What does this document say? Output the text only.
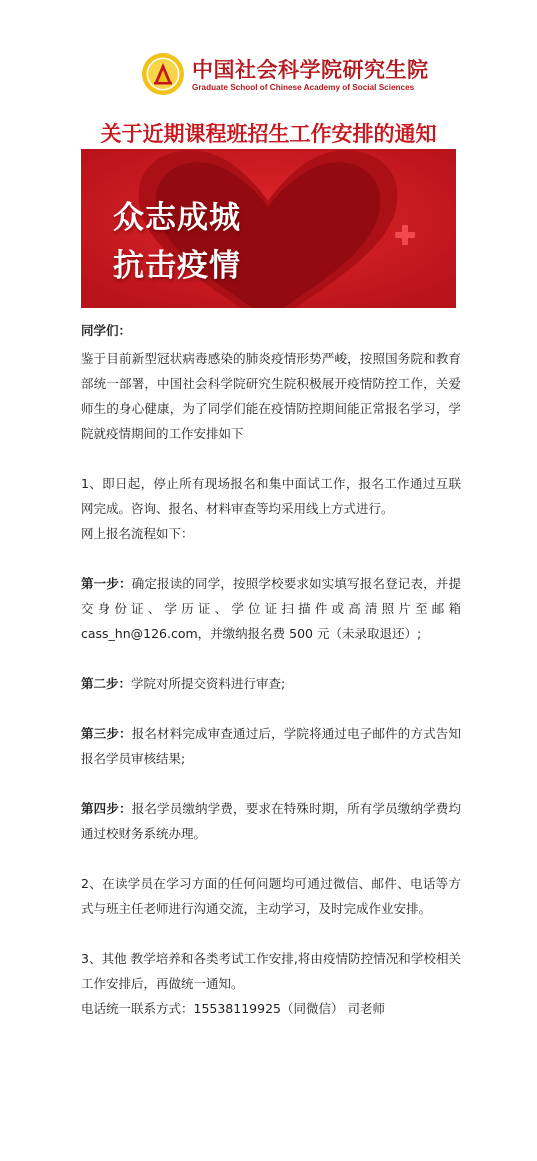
中国社会科学院研究生院
Graduate School of Chinese Academy of Social Sciences
关于近期课程班招生工作安排的通知
众志成城
抗击疫情

同学们：

鉴于目前新型冠状病毒感染的肺炎疫情形势严峻，按照国务院和教育部统一部署，中国社会科学院研究生院积极展开疫情防控工作，关爱师生的身心健康，为了同学们能在疫情防控期间能正常报名学习，学院就疫情期间的工作安排如下

1、即日起，停止所有现场报名和集中面试工作，报名工作通过互联网完成。咨询、报名、材料审查等均采用线上方式进行。

网上报名流程如下：

第一步：确定报读的同学，按照学校要求如实填写报名登记表，并提交身份证、学历证、学位证扫描件或高清照片至邮箱cass_hn@126.com，并缴纳报名费 500 元（未录取退还）;

第二步：学院对所提交资料进行审查;

第三步：报名材料完成审查通过后，学院将通过电子邮件的方式告知报名学员审核结果;

第四步：报名学员缴纳学费，要求在特殊时期，所有学员缴纳学费均通过校财务系统办理。

2、在读学员在学习方面的任何问题均可通过微信、邮件、电话等方式与班主任老师进行沟通交流，主动学习，及时完成作业安排。

3、其他 教学培养和各类考试工作安排,将由疫情防控情况和学校相关工作安排后，再做统一通知。

电话统一联系方式：15538119925（同微信） 司老师
